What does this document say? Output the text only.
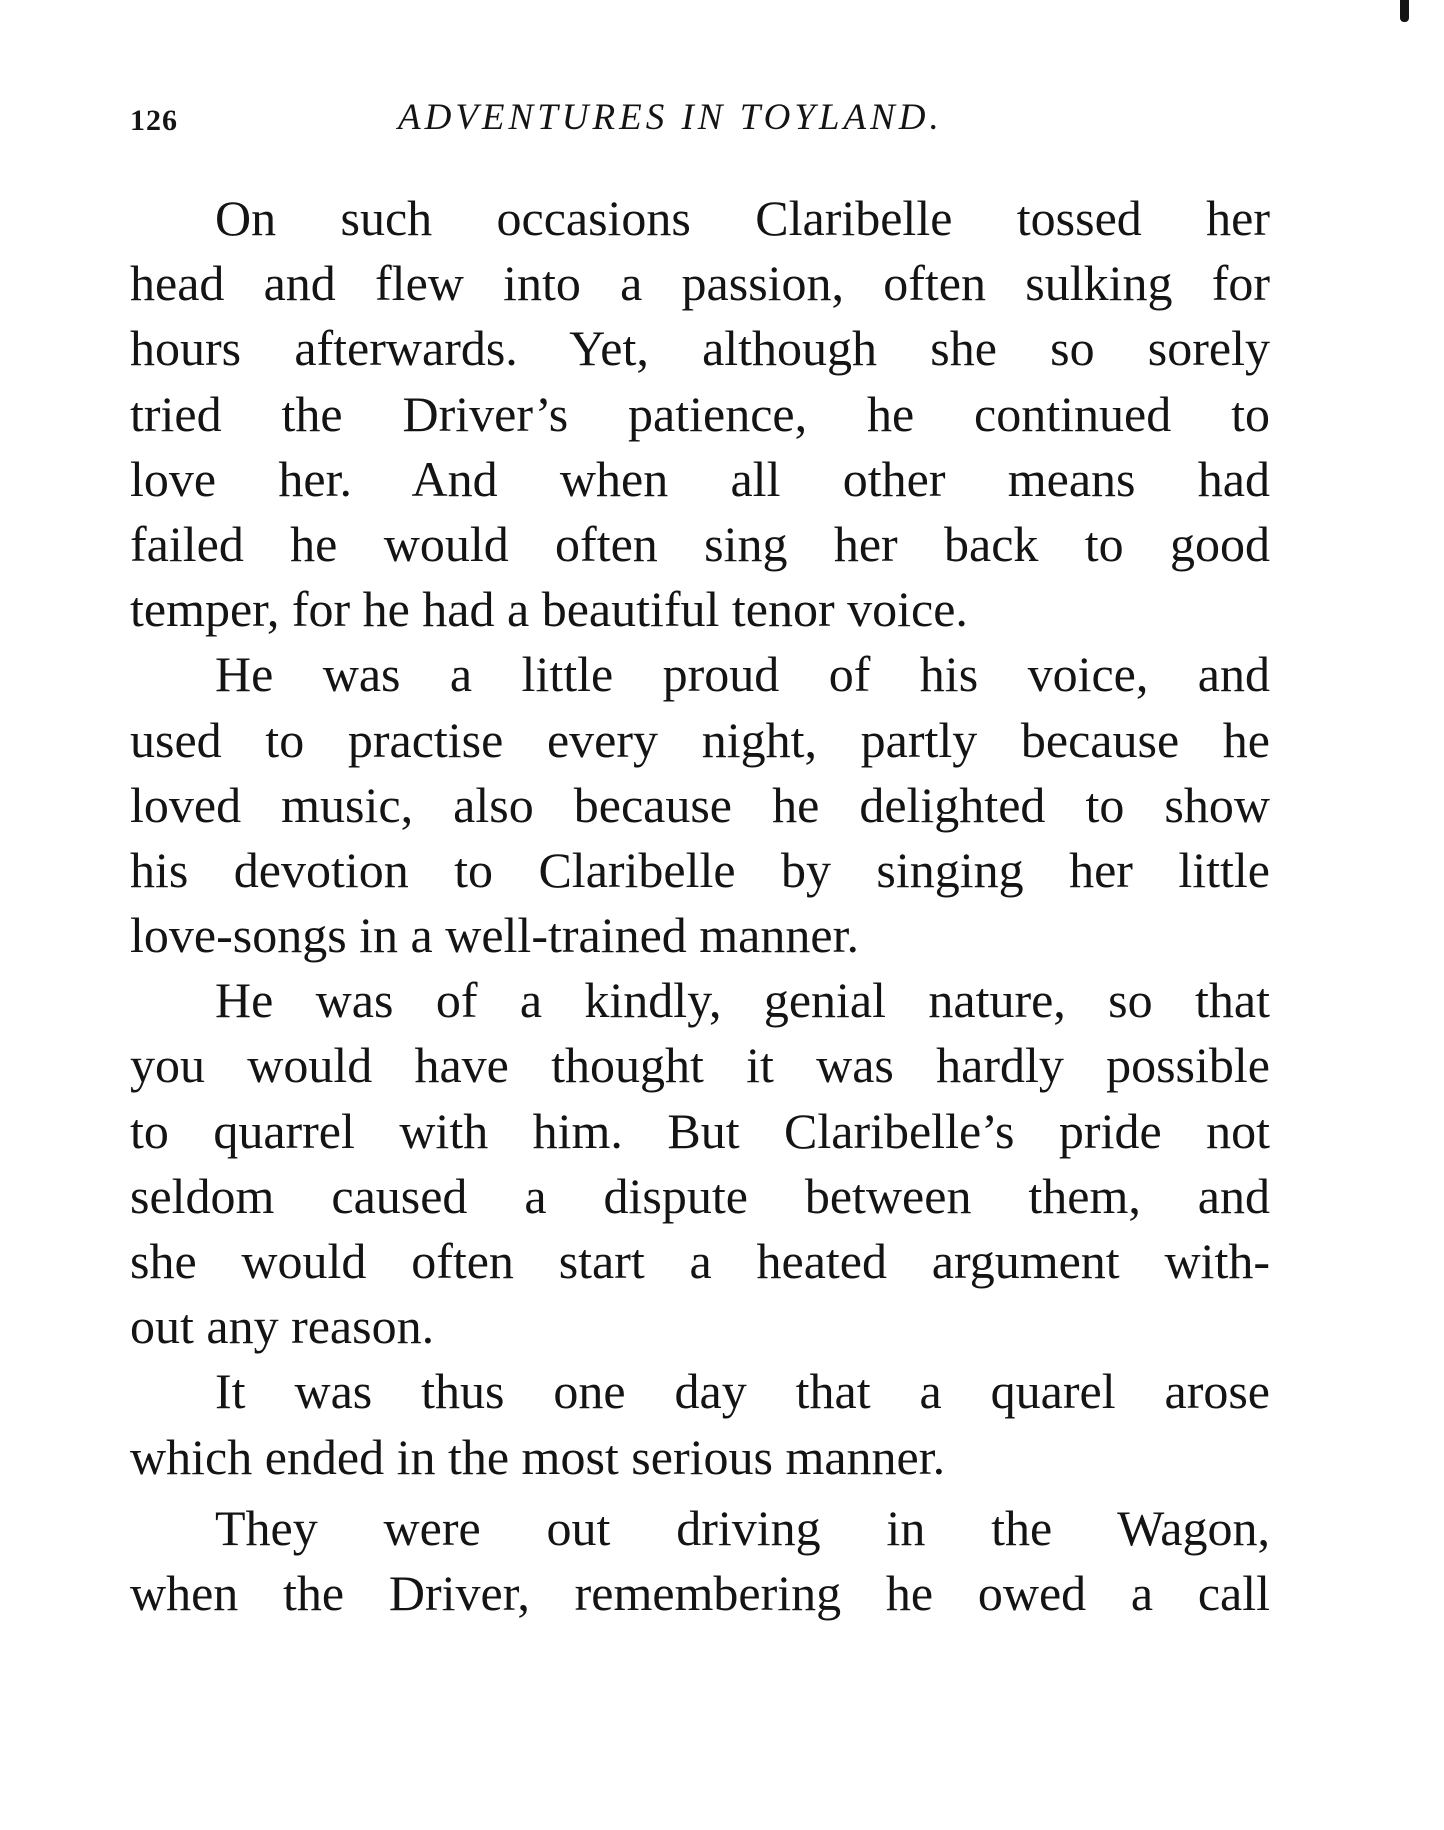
126	ADVENTURES IN TOYLAND.
On such occasions Claribelle tossed her
head and flew into a passion, often sulking for
hours afterwards. Yet, although she so sorely
tried the Driver’s patience, he continued to
love her. And when all other means had
failed he would often sing her back to good
temper, for he had a beautiful tenor voice.
He was a little proud of his voice, and
used to practise every night, partly because he
loved music, also because he delighted to show
his devotion to Claribelle by singing her little
love-songs in a well-trained manner.
He was of a kindly, genial nature, so that
you would have thought it was hardly possible
to quarrel with him. But Claribelle’s pride not
seldom caused a dispute between them, and
she would often start a heated argument with-
out any reason.
It was thus one day that a quarel arose
which ended in the most serious manner.
They were out driving in the Wagon,
when the Driver, remembering he owed a call
